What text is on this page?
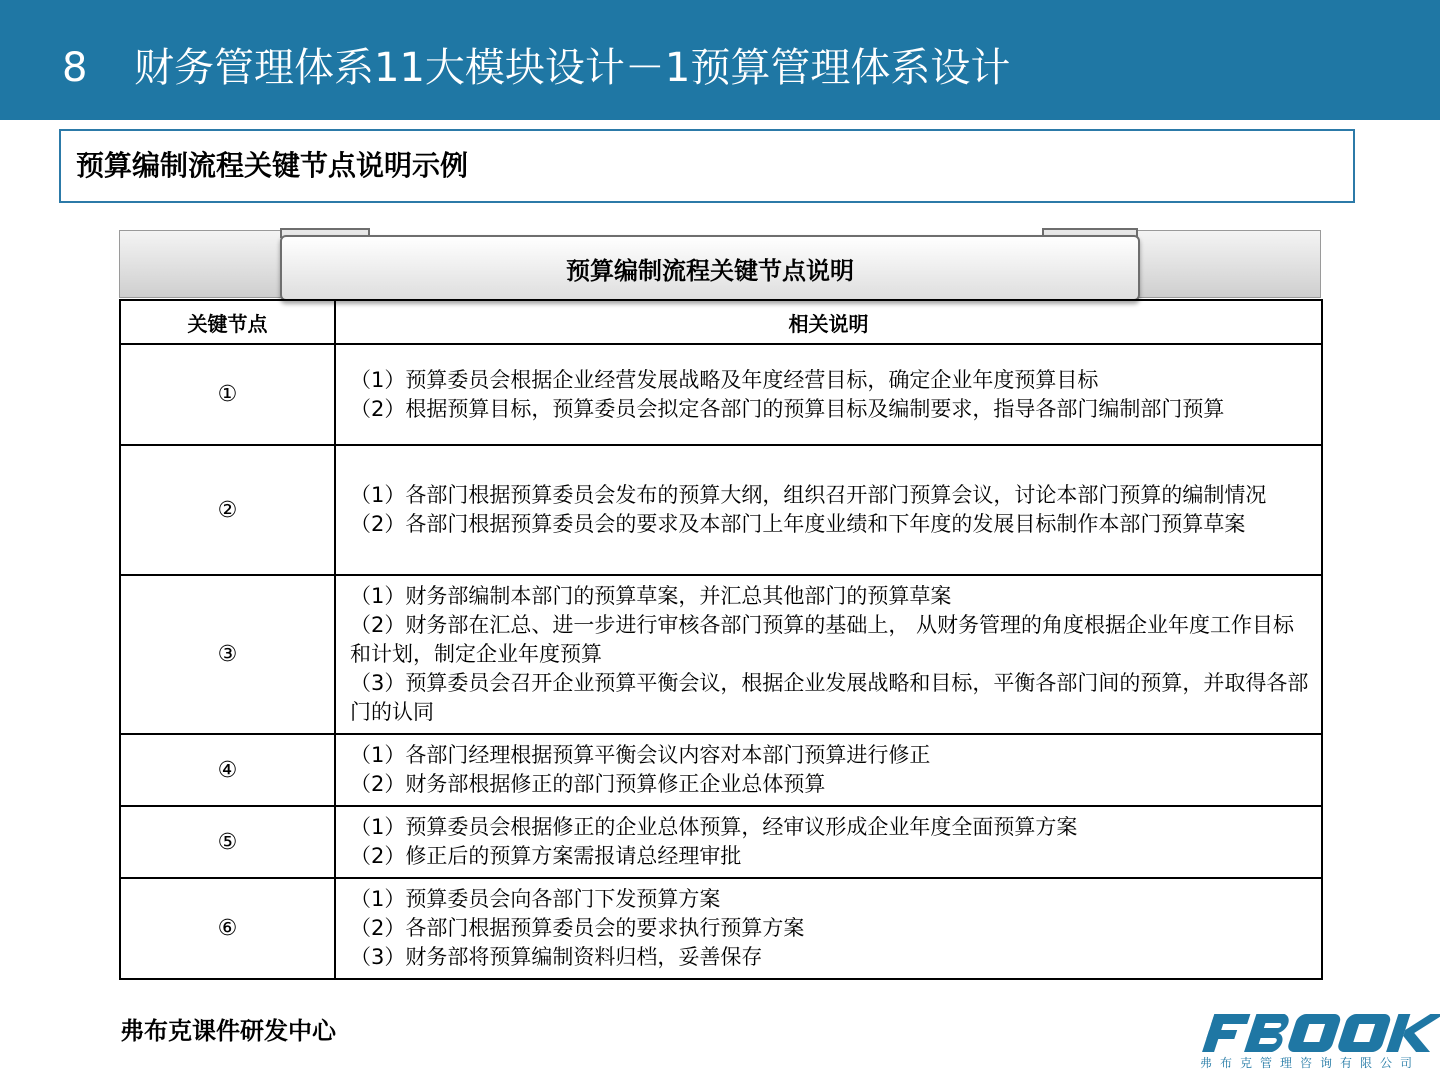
8 财务管理体系11大模块设计－1预算管理体系设计
预算编制流程关键节点说明示例
预算编制流程关键节点说明
关键节点	相关说明
①	（1）预算委员会根据企业经营发展战略及年度经营目标，确定企业年度预算目标
（2）根据预算目标，预算委员会拟定各部门的预算目标及编制要求，指导各部门编制部门预算

②	（1）各部门根据预算委员会发布的预算大纲，组织召开部门预算会议，讨论本部门预算的编制情况
（2）各部门根据预算委员会的要求及本部门上年度业绩和下年度的发展目标制作本部门预算草案

③	（1）财务部编制本部门的预算草案，并汇总其他部门的预算草案
（2）财务部在汇总、进一步进行审核各部门预算的基础上， 从财务管理的角度根据企业年度工作目标和计划，制定企业年度预算
（3）预算委员会召开企业预算平衡会议，根据企业发展战略和目标，平衡各部门间的预算，并取得各部门的认同

④	（1）各部门经理根据预算平衡会议内容对本部门预算进行修正
（2）财务部根据修正的部门预算修正企业总体预算

⑤	（1）预算委员会根据修正的企业总体预算，经审议形成企业年度全面预算方案
（2）修正后的预算方案需报请总经理审批

⑥	（1）预算委员会向各部门下发预算方案
（2）各部门根据预算委员会的要求执行预算方案
（3）财务部将预算编制资料归档，妥善保存
弗布克课件研发中心
OR
弗布克管理咨询有限公司
